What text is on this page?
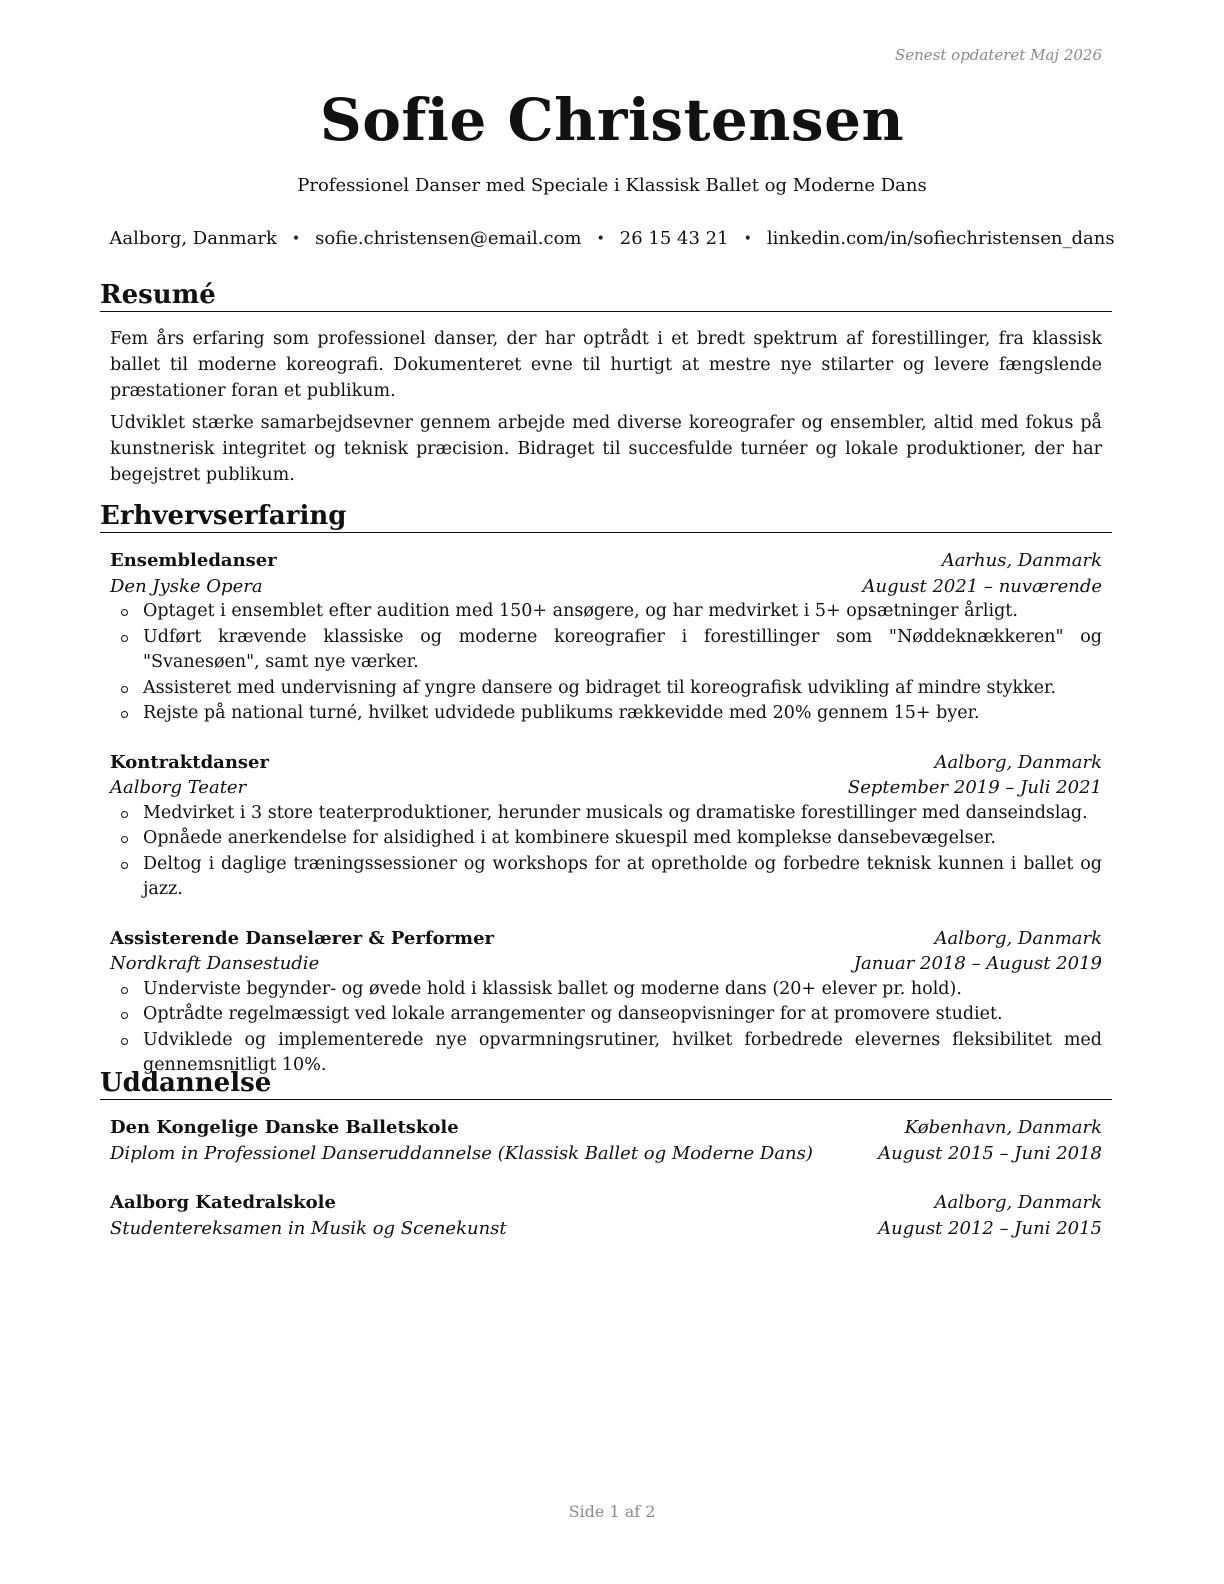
Senest opdateret Maj 2026
Sofie Christensen
Professionel Danser med Speciale i Klassisk Ballet og Moderne Dans
Aalborg, Danmark • sofie.christensen@email.com • 26 15 43 21 • linkedin.com/in/sofiechristensen_dans
Resumé
Fem års erfaring som professionel danser, der har optrådt i et bredt spektrum af forestillinger, fra klassisk ballet til moderne koreografi. Dokumenteret evne til hurtigt at mestre nye stilarter og levere fængslende præstationer foran et publikum.
Udviklet stærke samarbejdsevner gennem arbejde med diverse koreografer og ensembler, altid med fokus på kunstnerisk integritet og teknisk præcision. Bidraget til succesfulde turnéer og lokale produktioner, der har begejstret publikum.
Erhvervserfaring
Ensembledanser	Aarhus, Danmark
Den Jyske Opera	August 2021 – nuværende
Optaget i ensemblet efter audition med 150+ ansøgere, og har medvirket i 5+ opsætninger årligt.
Udført krævende klassiske og moderne koreografier i forestillinger som "Nøddeknækkeren" og "Svanesøen", samt nye værker.
Assisteret med undervisning af yngre dansere og bidraget til koreografisk udvikling af mindre stykker.
Rejste på national turné, hvilket udvidede publikums rækkevidde med 20% gennem 15+ byer.
Kontraktdanser	Aalborg, Danmark
Aalborg Teater	September 2019 – Juli 2021
Medvirket i 3 store teaterproduktioner, herunder musicals og dramatiske forestillinger med danseindslag.
Opnåede anerkendelse for alsidighed i at kombinere skuespil med komplekse dansebevægelser.
Deltog i daglige træningssessioner og workshops for at opretholde og forbedre teknisk kunnen i ballet og jazz.
Assisterende Danselærer & Performer	Aalborg, Danmark
Nordkraft Dansestudie	Januar 2018 – August 2019
Underviste begynder- og øvede hold i klassisk ballet og moderne dans (20+ elever pr. hold).
Optrådte regelmæssigt ved lokale arrangementer og danseopvisninger for at promovere studiet.
Udviklede og implementerede nye opvarmningsrutiner, hvilket forbedrede elevernes fleksibilitet med gennemsnitligt 10%.
Uddannelse
Den Kongelige Danske Balletskole	København, Danmark
Diplom in Professionel Danseruddannelse (Klassisk Ballet og Moderne Dans)	August 2015 – Juni 2018
Aalborg Katedralskole	Aalborg, Danmark
Studentereksamen in Musik og Scenekunst	August 2012 – Juni 2015
Side 1 af 2
